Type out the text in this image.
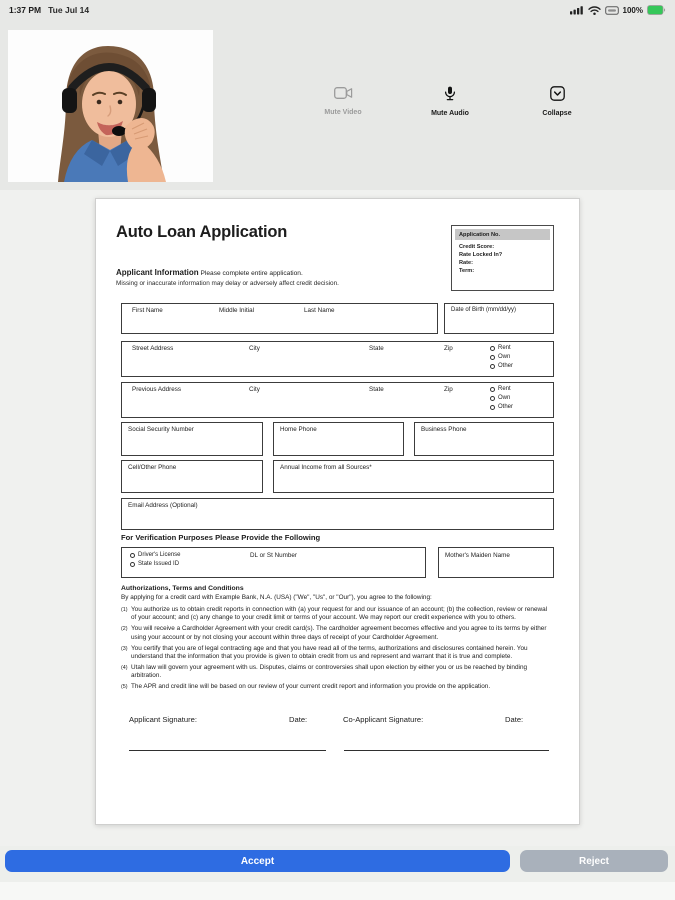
1:37 PM Tue Jul 14	100%
Mute Video	Mute Audio	Collapse
Auto Loan Application	Application No.
Credit Score:
Rate Locked In?
Rate:
Term:
Applicant Information Please complete entire application.
Missing or inaccurate information may delay or adversely affect credit decision.
First Name	Middle Initial	Last Name	Date of Birth (mm/dd/yy)
Street Address	City	State	Zip	Rent
Own
Other
Previous Address	City	State	Zip	Rent
Own
Other
Social Security Number	Home Phone	Business Phone
Cell/Other Phone	Annual Income from all Sources*
Email Address (Optional)
For Verification Purposes Please Provide the Following
Driver's License
State Issued ID
DL or St Number	Mother's Maiden Name
Authorizations, Terms and Conditions
By applying for a credit card with Example Bank, N.A. (USA) ("We", "Us", or "Our"), you agree to the following:
(1) You authorize us to obtain credit reports in connection with (a) your request for and our issuance of an account; (b) the collection, review or renewal of your account; and (c) any change to your credit limit or terms of your account. We may report our credit experience with you to others.
(2) You will receive a Cardholder Agreement with your credit card(s). The cardholder agreement becomes effective and you agree to its terms by either using your account or by not closing your account within three days of receipt of your Cardholder Agreement.
(3) You certify that you are of legal contracting age and that you have read all of the terms, authorizations and disclosures contained herein. You understand that the information that you provide is given to obtain credit from us and represent and warrant that it is true and complete.
(4) Utah law will govern your agreement with us. Disputes, claims or controversies shall upon election by either you or us be reached by binding arbitration.
(5) The APR and credit line will be based on our review of your current credit report and information you provide on the application.
Applicant Signature:	Date:	Co-Applicant Signature:	Date:
Accept	Reject
